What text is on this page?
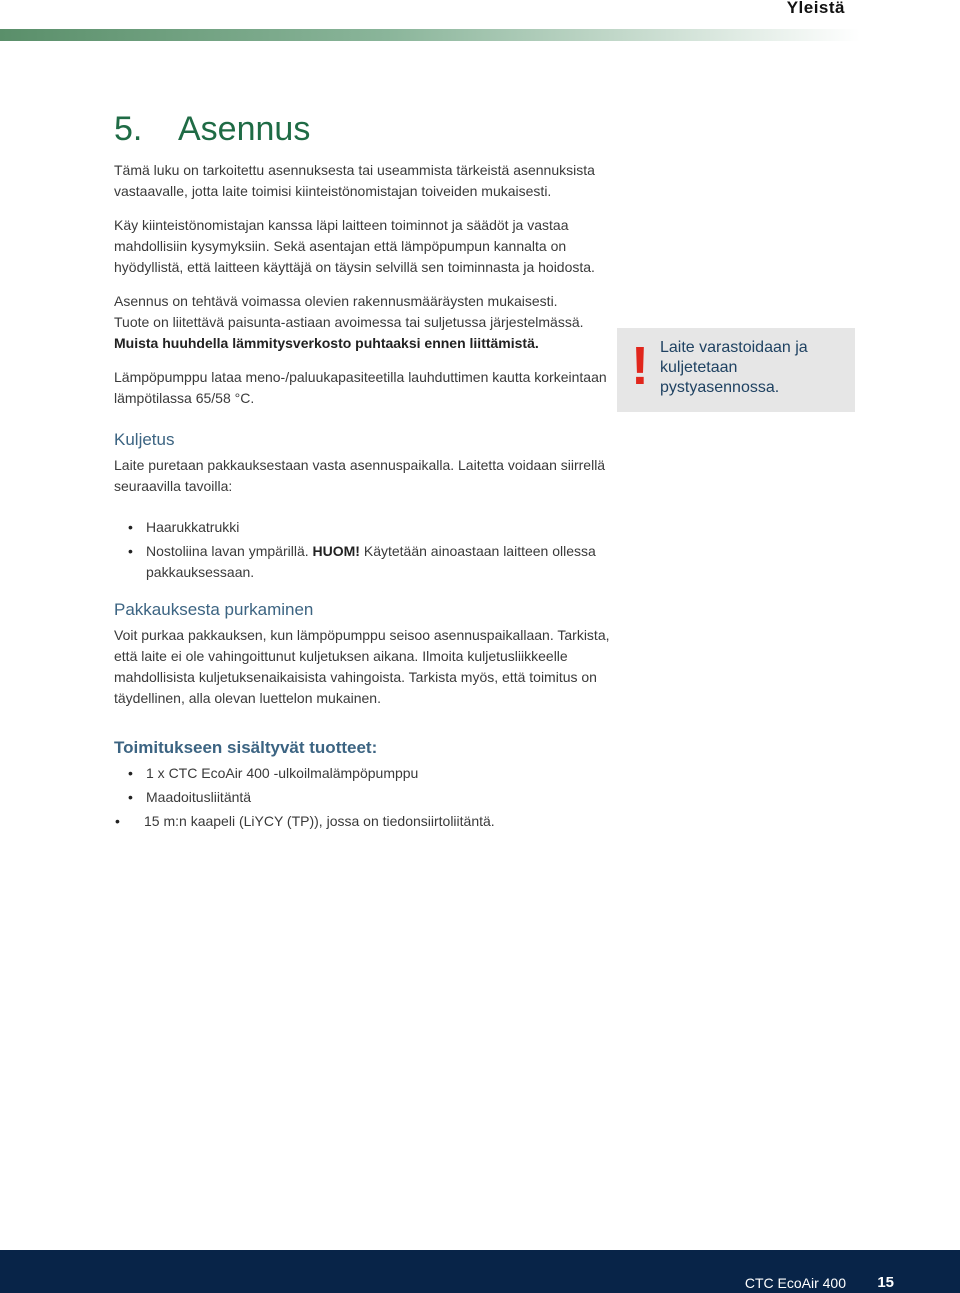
Yleistä
5. Asennus

Tämä luku on tarkoitettu asennuksesta tai useammista tärkeistä asennuksista vastaavalle, jotta laite toimisi kiinteistönomistajan toiveiden mukaisesti.

Käy kiinteistönomistajan kanssa läpi laitteen toiminnot ja säädöt ja vastaa mahdollisiin kysymyksiin. Sekä asentajan että lämpöpumpun kannalta on hyödyllistä, että laitteen käyttäjä on täysin selvillä sen toiminnasta ja hoidosta.

Asennus on tehtävä voimassa olevien rakennusmääräysten mukaisesti.
Tuote on liitettävä paisunta-astiaan avoimessa tai suljetussa järjestelmässä.
Muista huuhdella lämmitysverkosto puhtaaksi ennen liittämistä.

Lämpöpumppu lataa meno-/paluukapasiteetilla lauhduttimen kautta korkeintaan lämpötilassa 65/58 °C.

Kuljetus

Laite puretaan pakkauksestaan vasta asennuspaikalla. Laitetta voidaan siirrellä seuraavilla tavoilla:

• Haarukkatrukki
• Nostoliina lavan ympärillä. HUOM! Käytetään ainoastaan laitteen ollessa pakkauksessaan.
Pakkauksesta purkaminen

Voit purkaa pakkauksen, kun lämpöpumppu seisoo asennuspaikallaan. Tarkista, että laite ei ole vahingoittunut kuljetuksen aikana. Ilmoita kuljetusliikkeelle mahdollisista kuljetuksenaikaisista vahingoista. Tarkista myös, että toimitus on täydellinen, alla olevan luettelon mukainen.

Toimitukseen sisältyvät tuotteet:
• 1 x CTC EcoAir 400 -ulkoilmalämpöpumppu
• Maadoitusliitäntä
• 15 m:n kaapeli (LiYCY (TP)), jossa on tiedonsiirtoliitäntä.
! Laite varastoidaan ja kuljetetaan pystyasennossa.
CTC EcoAir 400 15
